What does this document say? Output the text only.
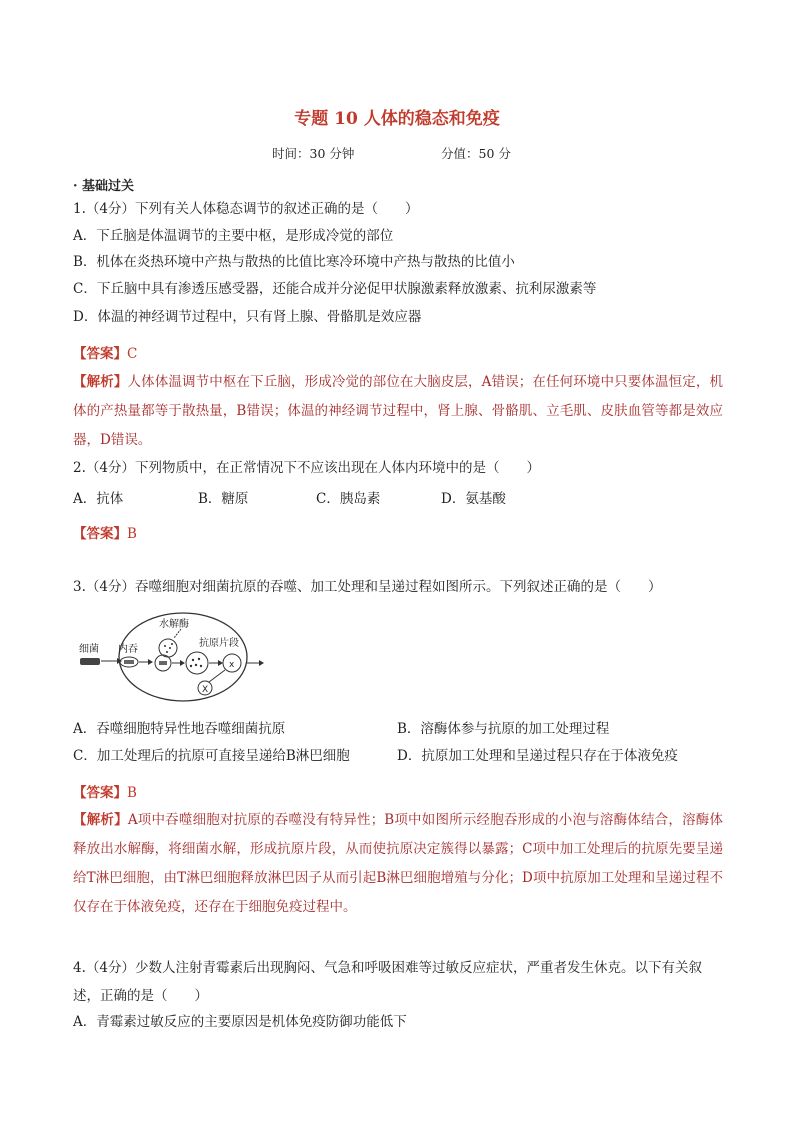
专题 10 人体的稳态和免疫
时间：30 分钟	分值：50 分
· 基础过关
1.（4分）下列有关人体稳态调节的叙述正确的是（　　）
A．下丘脑是体温调节的主要中枢，是形成冷觉的部位
B．机体在炎热环境中产热与散热的比值比寒冷环境中产热与散热的比值小
C．下丘脑中具有渗透压感受器，还能合成并分泌促甲状腺激素释放激素、抗利尿激素等
D．体温的神经调节过程中，只有肾上腺、骨骼肌是效应器
【答案】C
【解析】人体体温调节中枢在下丘脑，形成冷觉的部位在大脑皮层，A错误；在任何环境中只要体温恒定，机体的产热量都等于散热量，B错误；体温的神经调节过程中，肾上腺、骨骼肌、立毛肌、皮肤血管等都是效应器，D错误。
2.（4分）下列物质中，在正常情况下不应该出现在人体内环境中的是（　　）
A．抗体	B．糖原	C．胰岛素	D．氨基酸
【答案】B
3.（4分）吞噬细胞对细菌抗原的吞噬、加工处理和呈递过程如图所示。下列叙述正确的是（　　）
细菌 内吞
水解酶
抗原片段
x
X
A．吞噬细胞特异性地吞噬细菌抗原	B．溶酶体参与抗原的加工处理过程
C．加工处理后的抗原可直接呈递给B淋巴细胞	D．抗原加工处理和呈递过程只存在于体液免疫
【答案】B
【解析】A项中吞噬细胞对抗原的吞噬没有特异性；B项中如图所示经胞吞形成的小泡与溶酶体结合，溶酶体释放出水解酶，将细菌水解，形成抗原片段，从而使抗原决定簇得以暴露；C项中加工处理后的抗原先要呈递给T淋巴细胞，由T淋巴细胞释放淋巴因子从而引起B淋巴细胞增殖与分化；D项中抗原加工处理和呈递过程不仅存在于体液免疫，还存在于细胞免疫过程中。
4.（4分）少数人注射青霉素后出现胸闷、气急和呼吸困难等过敏反应症状，严重者发生休克。以下有关叙
述，正确的是（　　）
A．青霉素过敏反应的主要原因是机体免疫防御功能低下
